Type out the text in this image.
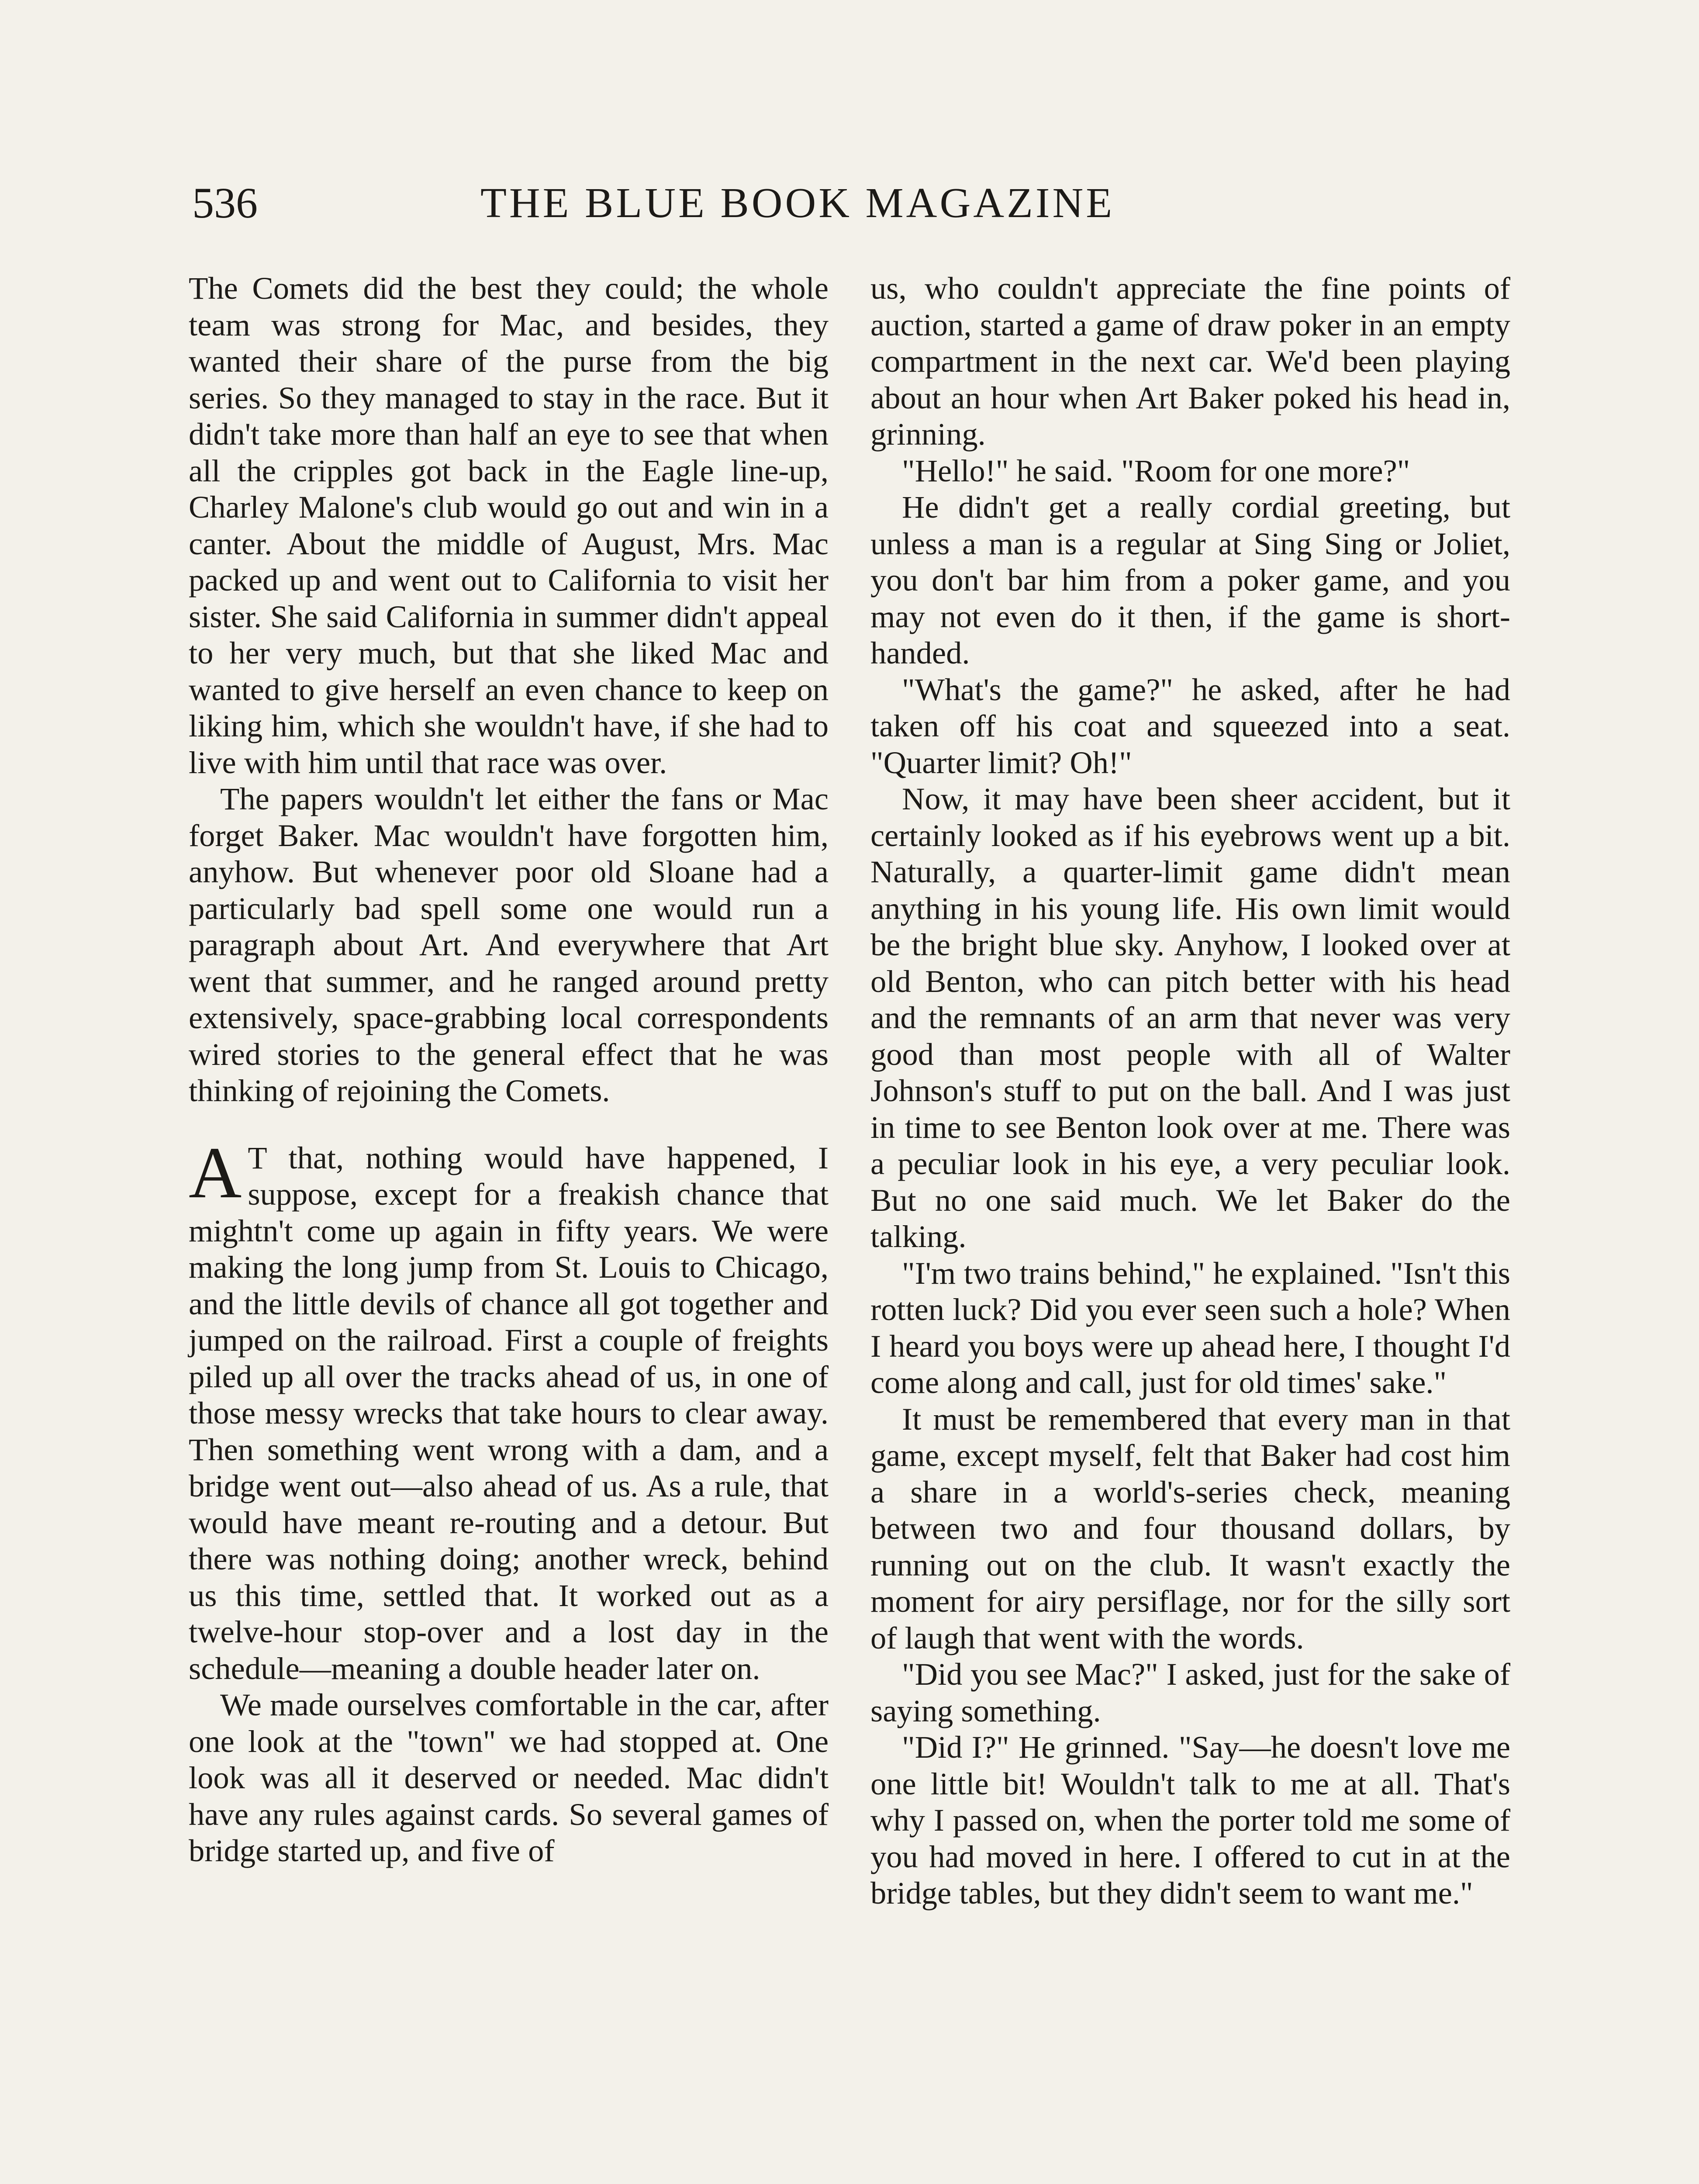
536	THE BLUE BOOK MAGAZINE

The Comets did the best they could; the whole team was strong for Mac, and besides, they wanted their share of the purse from the big series. So they managed to stay in the race. But it didn't take more than half an eye to see that when all the cripples got back in the Eagle line-up, Charley Malone's club would go out and win in a canter. About the middle of August, Mrs. Mac packed up and went out to California to visit her sister. She said California in summer didn't appeal to her very much, but that she liked Mac and wanted to give herself an even chance to keep on liking him, which she wouldn't have, if she had to live with him until that race was over.

The papers wouldn't let either the fans or Mac forget Baker. Mac wouldn't have forgotten him, anyhow. But whenever poor old Sloane had a particularly bad spell some one would run a paragraph about Art. And everywhere that Art went that summer, and he ranged around pretty extensively, space-grabbing local correspondents wired stories to the general effect that he was thinking of rejoining the Comets.

A T that, nothing would have happened, I suppose, except for a freakish chance that mightn't come up again in fifty years. We were making the long jump from St. Louis to Chicago, and the little devils of chance all got together and jumped on the railroad. First a couple of freights piled up all over the tracks ahead of us, in one of those messy wrecks that take hours to clear away. Then something went wrong with a dam, and a bridge went out—also ahead of us. As a rule, that would have meant re-routing and a detour. But there was nothing doing; another wreck, behind us this time, settled that. It worked out as a twelve-hour stop-over and a lost day in the schedule—meaning a double header later on.

We made ourselves comfortable in the car, after one look at the "town" we had stopped at. One look was all it deserved or needed. Mac didn't have any rules against cards. So several games of bridge started up, and five of

us, who couldn't appreciate the fine points of auction, started a game of draw poker in an empty compartment in the next car. We'd been playing about an hour when Art Baker poked his head in, grinning.

"Hello!" he said. "Room for one more?"

He didn't get a really cordial greeting, but unless a man is a regular at Sing Sing or Joliet, you don't bar him from a poker game, and you may not even do it then, if the game is short-handed.

"What's the game?" he asked, after he had taken off his coat and squeezed into a seat. "Quarter limit? Oh!"

Now, it may have been sheer accident, but it certainly looked as if his eyebrows went up a bit. Naturally, a quarter-limit game didn't mean anything in his young life. His own limit would be the bright blue sky. Anyhow, I looked over at old Benton, who can pitch better with his head and the remnants of an arm that never was very good than most people with all of Walter Johnson's stuff to put on the ball. And I was just in time to see Benton look over at me. There was a peculiar look in his eye, a very peculiar look. But no one said much. We let Baker do the talking.

"I'm two trains behind," he explained. "Isn't this rotten luck? Did you ever seen such a hole? When I heard you boys were up ahead here, I thought I'd come along and call, just for old times' sake."

It must be remembered that every man in that game, except myself, felt that Baker had cost him a share in a world's-series check, meaning between two and four thousand dollars, by running out on the club. It wasn't exactly the moment for airy persiflage, nor for the silly sort of laugh that went with the words.

"Did you see Mac?" I asked, just for the sake of saying something.

"Did I?" He grinned. "Say—he doesn't love me one little bit! Wouldn't talk to me at all. That's why I passed on, when the porter told me some of you had moved in here. I offered to cut in at the bridge tables, but they didn't seem to want me."
